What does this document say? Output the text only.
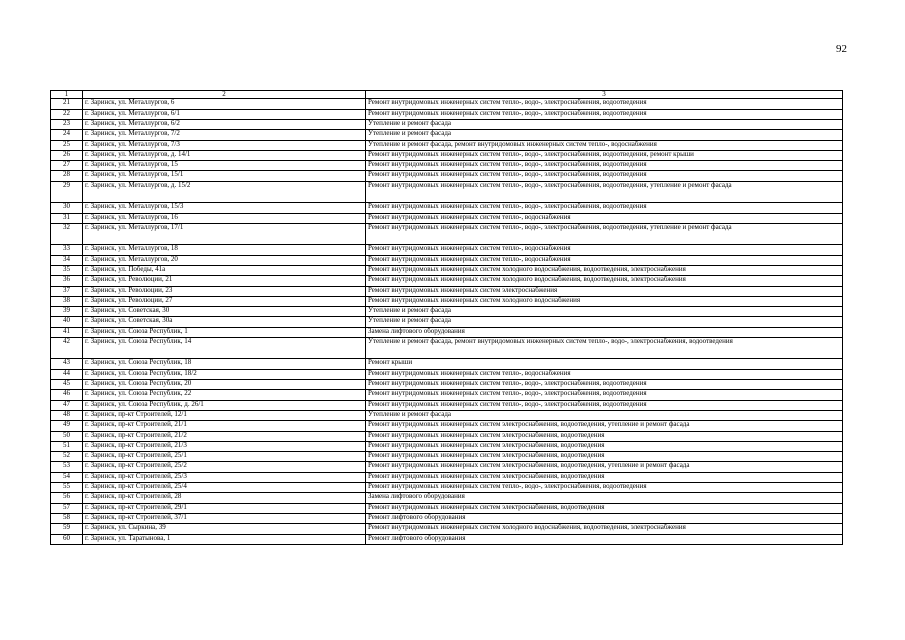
92
1	2	3
21	г. Заринск, ул. Металлургов, 6	Ремонт внутридомовых инженерных систем тепло-, водо-, электроснабжения, водоотведения
22	г. Заринск, ул. Металлургов, 6/1	Ремонт внутридомовых инженерных систем тепло-, водо-, электроснабжения, водоотведения
23	г. Заринск, ул. Металлургов, 6/2	Утепление и ремонт фасада
24	г. Заринск, ул. Металлургов, 7/2	Утепление и ремонт фасада
25	г. Заринск, ул. Металлургов, 7/3	Утепление и ремонт фасада, ремонт внутридомовых инженерных систем тепло-, водоснабжения
26	г. Заринск, ул. Металлургов, д. 14/1	Ремонт внутридомовых инженерных систем тепло-, водо-, электроснабжения, водоотведения, ремонт крыши
27	г. Заринск, ул. Металлургов, 15	Ремонт внутридомовых инженерных систем тепло-, водо-, электроснабжения, водоотведения
28	г. Заринск, ул. Металлургов, 15/1	Ремонт внутридомовых инженерных систем тепло-, водо-, электроснабжения, водоотведения
29	г. Заринск, ул. Металлургов, д. 15/2	Ремонт внутридомовых инженерных систем тепло-, водо-, электроснабжения, водоотведения, утепление и ремонт фасада
30	г. Заринск, ул. Металлургов, 15/3	Ремонт внутридомовых инженерных систем тепло-, водо-, электроснабжения, водоотведения
31	г. Заринск, ул. Металлургов, 16	Ремонт внутридомовых инженерных систем тепло-, водоснабжения
32	г. Заринск, ул. Металлургов, 17/1	Ремонт внутридомовых инженерных систем тепло-, водо-, электроснабжения, водоотведения, утепление и ремонт фасада
33	г. Заринск, ул. Металлургов, 18	Ремонт внутридомовых инженерных систем тепло-, водоснабжения
34	г. Заринск, ул. Металлургов, 20	Ремонт внутридомовых инженерных систем тепло-, водоснабжения
35	г. Заринск, ул. Победы, 41а	Ремонт внутридомовых инженерных систем холодного водоснабжения, водоотведения, электроснабжения
36	г. Заринск, ул. Революции, 21	Ремонт внутридомовых инженерных систем холодного водоснабжения, водоотведения, электроснабжения
37	г. Заринск, ул. Революции, 23	Ремонт внутридомовых инженерных систем электроснабжения
38	г. Заринск, ул. Революции, 27	Ремонт внутридомовых инженерных систем холодного водоснабжения
39	г. Заринск, ул. Советская, 30	Утепление и ремонт фасада
40	г. Заринск, ул. Советская, 30а	Утепление и ремонт фасада
41	г. Заринск, ул. Союза Республик, 1	Замена лифтового оборудования
42	г. Заринск, ул. Союза Республик, 14	Утепление и ремонт фасада, ремонт внутридомовых инженерных систем тепло-, водо-, электроснабжения, водоотведения
43	г. Заринск, ул. Союза Республик, 18	Ремонт крыши
44	г. Заринск, ул. Союза Республик, 18/2	Ремонт внутридомовых инженерных систем тепло-, водоснабжения
45	г. Заринск, ул. Союза Республик, 20	Ремонт внутридомовых инженерных систем тепло-, водо-, электроснабжения, водоотведения
46	г. Заринск, ул. Союза Республик, 22	Ремонт внутридомовых инженерных систем тепло-, водо-, электроснабжения, водоотведения
47	г. Заринск, ул. Союза Республик, д. 26/1	Ремонт внутридомовых инженерных систем тепло-, водо-, электроснабжения, водоотведения
48	г. Заринск, пр-кт Строителей, 12/1	Утепление и ремонт фасада
49	г. Заринск, пр-кт Строителей, 21/1	Ремонт внутридомовых инженерных систем электроснабжения, водоотведения, утепление и ремонт фасада
50	г. Заринск, пр-кт Строителей, 21/2	Ремонт внутридомовых инженерных систем электроснабжения, водоотведения
51	г. Заринск, пр-кт Строителей, 21/3	Ремонт внутридомовых инженерных систем электроснабжения, водоотведения
52	г. Заринск, пр-кт Строителей, 25/1	Ремонт внутридомовых инженерных систем электроснабжения, водоотведения
53	г. Заринск, пр-кт Строителей, 25/2	Ремонт внутридомовых инженерных систем электроснабжения, водоотведения, утепление и ремонт фасада
54	г. Заринск, пр-кт Строителей, 25/3	Ремонт внутридомовых инженерных систем электроснабжения, водоотведения
55	г. Заринск, пр-кт Строителей, 25/4	Ремонт внутридомовых инженерных систем тепло-, водо-, электроснабжения, водоотведения
56	г. Заринск, пр-кт Строителей, 28	Замена лифтового оборудования
57	г. Заринск, пр-кт Строителей, 29/1	Ремонт внутридомовых инженерных систем электроснабжения, водоотведения
58	г. Заринск, пр-кт Строителей, 37/1	Ремонт лифтового оборудования
59	г. Заринск, ул. Сыркина, 39	Ремонт внутридомовых инженерных систем холодного водоснабжения, водоотведения, электроснабжения
60	г. Заринск, ул. Таратынова, 1	Ремонт лифтового оборудования
